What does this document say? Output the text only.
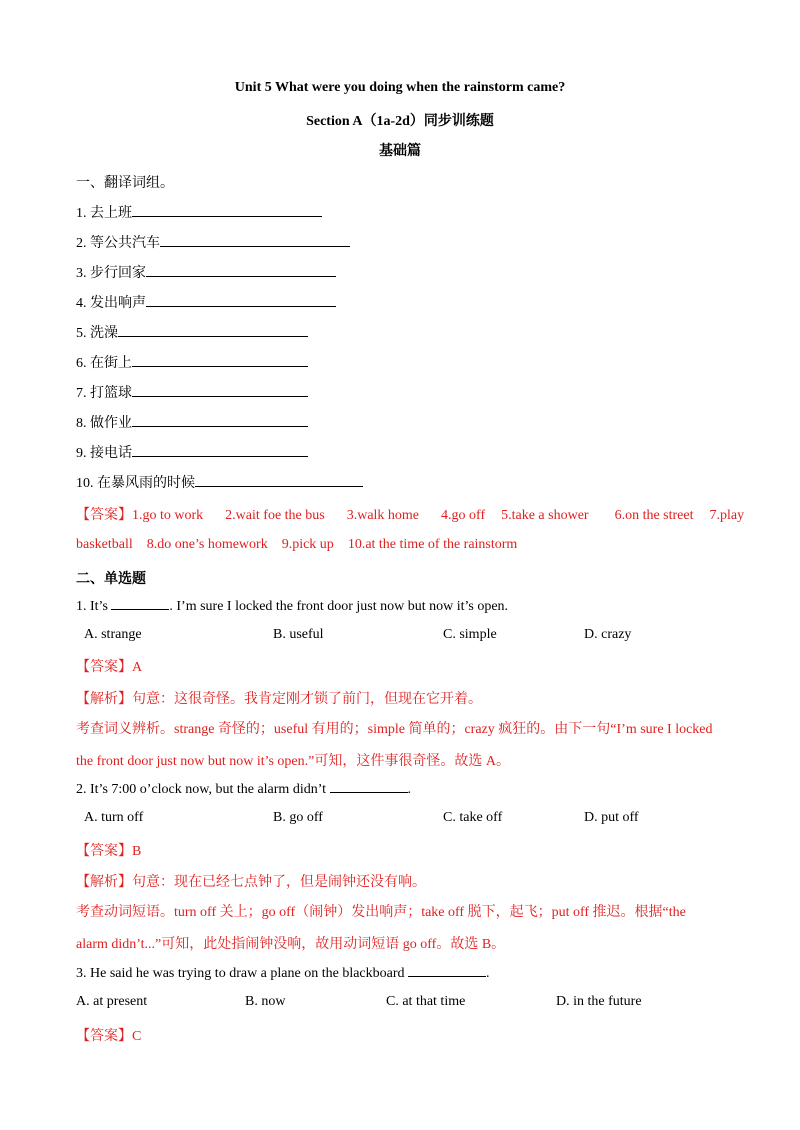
Unit 5 What were you doing when the rainstorm came?
Section A（1a-2d）同步训练题
基础篇
一、翻译词组。
1. 去上班
2. 等公共汽车
3. 步行回家
4. 发出响声
5. 洗澡
6. 在街上
7. 打篮球
8. 做作业
9. 接电话
10. 在暴风雨的时候
【答案】1.go to work 2.wait foe the bus 3.walk home 4.go off 5.take a shower 6.on the street 7.play
basketball 8.do one’s homework 9.pick up 10.at the time of the rainstorm
二、单选题
1. It’s	. I’m sure I locked the front door just now but now it’s open.
A. strange	B. useful	C. simple	D. crazy
【答案】A
【解析】句意：这很奇怪。我肯定刚才锁了前门，但现在它开着。
考查词义辨析。strange 奇怪的；useful 有用的；simple 简单的；crazy 疯狂的。由下一句“I’m sure I locked
the front door just now but now it’s open.”可知，这件事很奇怪。故选 A。
2. It’s 7:00 o’clock now, but the alarm didn’t	.
A. turn off	B. go off	C. take off	D. put off
【答案】B
【解析】句意：现在已经七点钟了，但是闹钟还没有响。
考查动词短语。turn off 关上；go off（闹钟）发出响声；take off 脱下，起飞；put off 推迟。根据“the
alarm didn’t...”可知，此处指闹钟没响，故用动词短语 go off。故选 B。
3. He said he was trying to draw a plane on the blackboard	.
A. at present	B. now	C. at that time	D. in the future
【答案】C
